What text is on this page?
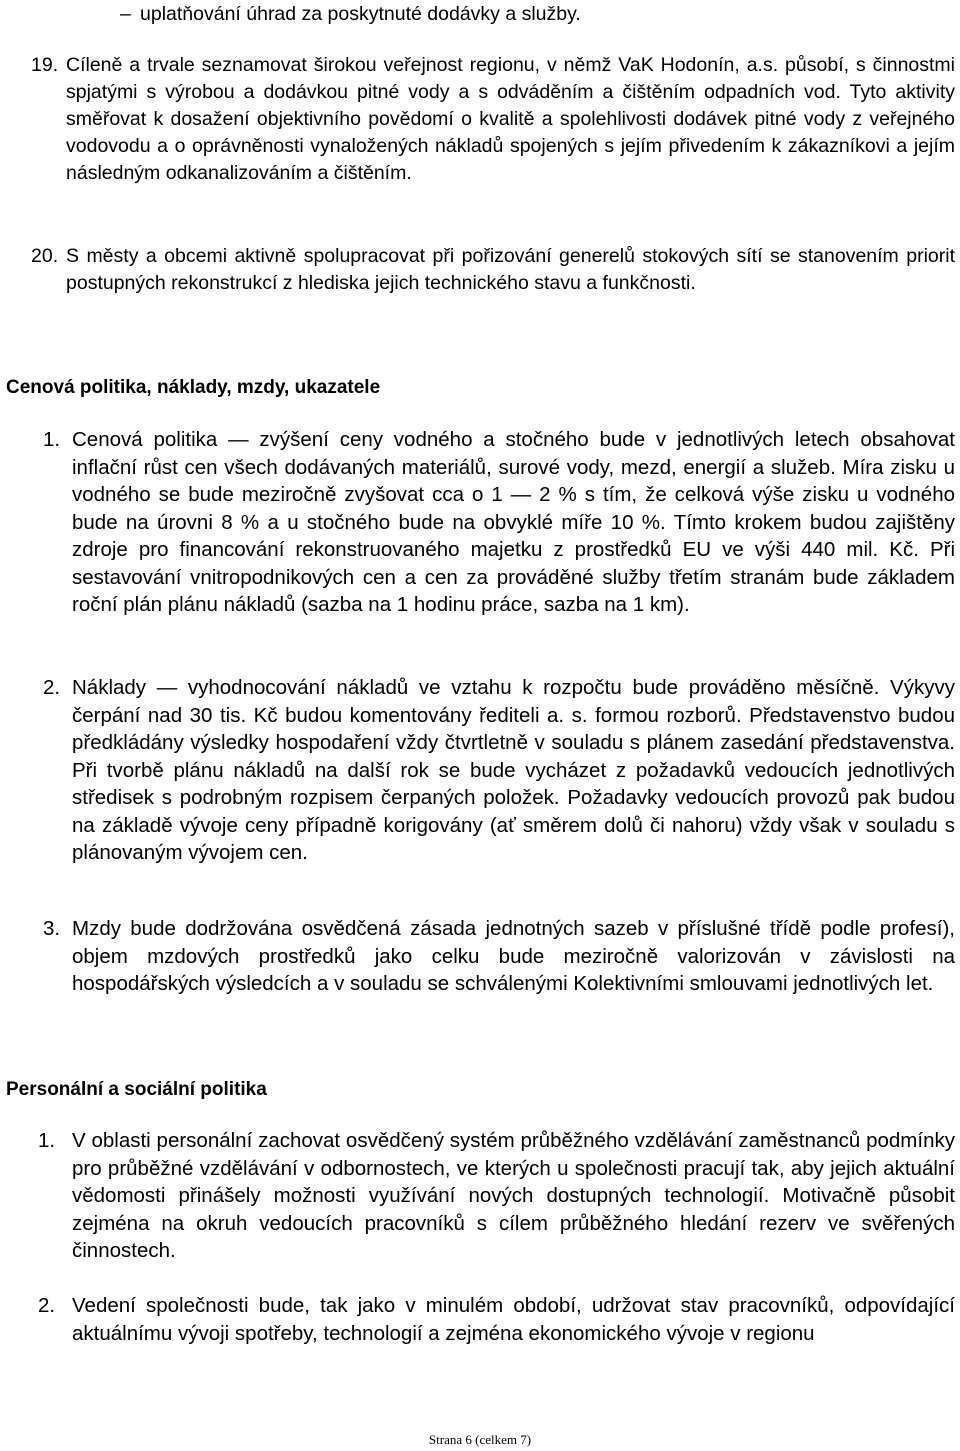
– uplatňování úhrad za poskytnuté dodávky a služby.
19. Cíleně a trvale seznamovat širokou veřejnost regionu, v němž VaK Hodonín, a.s. působí, s činnostmi spjatými s výrobou a dodávkou pitné vody a s odváděním a čištěním odpadních vod. Tyto aktivity směřovat k dosažení objektivního povědomí o kvalitě a spolehlivosti dodávek pitné vody z veřejného vodovodu a o oprávněnosti vynaložených nákladů spojených s jejím přivedením k zákazníkovi a jejím následným odkanalizováním a čištěním.
20. S městy a obcemi aktivně spolupracovat při pořizování generelů stokových sítí se stanovením priorit postupných rekonstrukcí z hlediska jejich technického stavu a funkčnosti.
Cenová politika, náklady, mzdy, ukazatele
1. Cenová politika — zvýšení ceny vodného a stočného bude v jednotlivých letech obsahovat inflační růst cen všech dodávaných materiálů, surové vody, mezd, energií a služeb. Míra zisku u vodného se bude meziročně zvyšovat cca o 1 — 2 % s tím, že celková výše zisku u vodného bude na úrovni 8 % a u stočného bude na obvyklé míře 10 %. Tímto krokem budou zajištěny zdroje pro financování rekonstruovaného majetku z prostředků EU ve výši 440 mil. Kč. Při sestavování vnitropodnikových cen a cen za prováděné služby třetím stranám bude základem roční plán plánu nákladů (sazba na 1 hodinu práce, sazba na 1 km).
2. Náklady — vyhodnocování nákladů ve vztahu k rozpočtu bude prováděno měsíčně. Výkyvy čerpání nad 30 tis. Kč budou komentovány řediteli a. s. formou rozborů. Představenstvo budou předkládány výsledky hospodaření vždy čtvrtletně v souladu s plánem zasedání představenstva. Při tvorbě plánu nákladů na další rok se bude vycházet z požadavků vedoucích jednotlivých středisek s podrobným rozpisem čerpaných položek. Požadavky vedoucích provozů pak budou na základě vývoje ceny případně korigovány (ať směrem dolů či nahoru) vždy však v souladu s plánovaným vývojem cen.
3. Mzdy bude dodržována osvědčená zásada jednotných sazeb v příslušné třídě podle profesí), objem mzdových prostředků jako celku bude meziročně valorizován v závislosti na hospodářských výsledcích a v souladu se schválenými Kolektivními smlouvami jednotlivých let.
Personální a sociální politika
1. V oblasti personální zachovat osvědčený systém průběžného vzdělávání zaměstnanců podmínky pro průběžné vzdělávání v odbornostech, ve kterých u společnosti pracují tak, aby jejich aktuální vědomosti přinášely možnosti využívání nových dostupných technologií. Motivačně působit zejména na okruh vedoucích pracovníků s cílem průběžného hledání rezerv ve svěřených činnostech.
2. Vedení společnosti bude, tak jako v minulém období, udržovat stav pracovníků, odpovídající aktuálnímu vývoji spotřeby, technologií a zejména ekonomického vývoje v regionu
Strana 6 (celkem 7)
